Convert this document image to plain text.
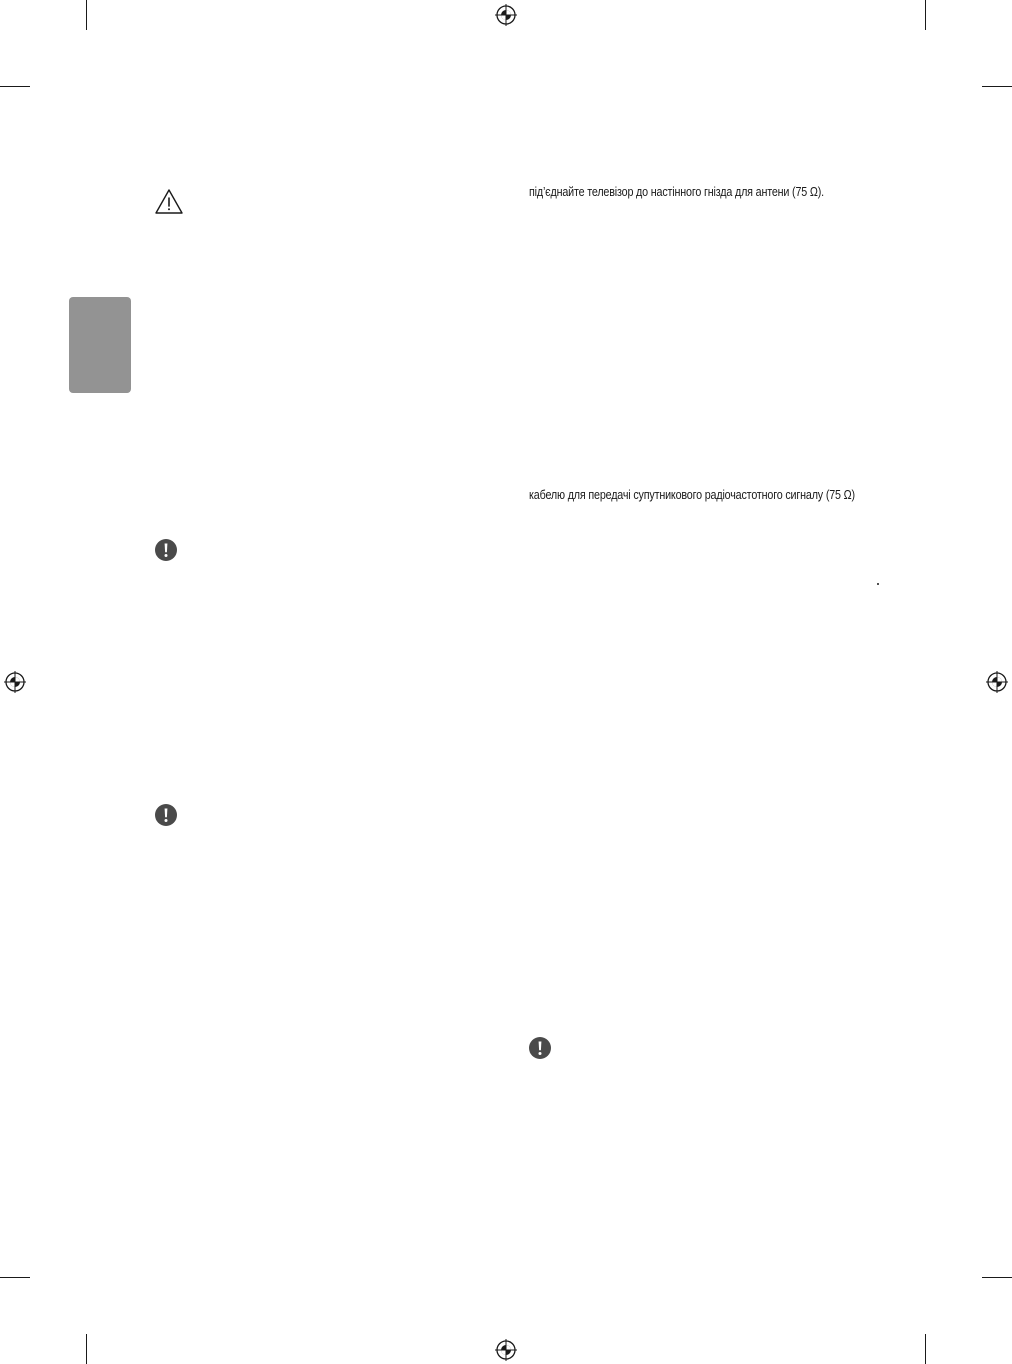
під’єднайте телевізор до настінного гнізда для антени (75 Ω).
кабелю для передачі супутникового радіочастотного сигналу (75 Ω)
